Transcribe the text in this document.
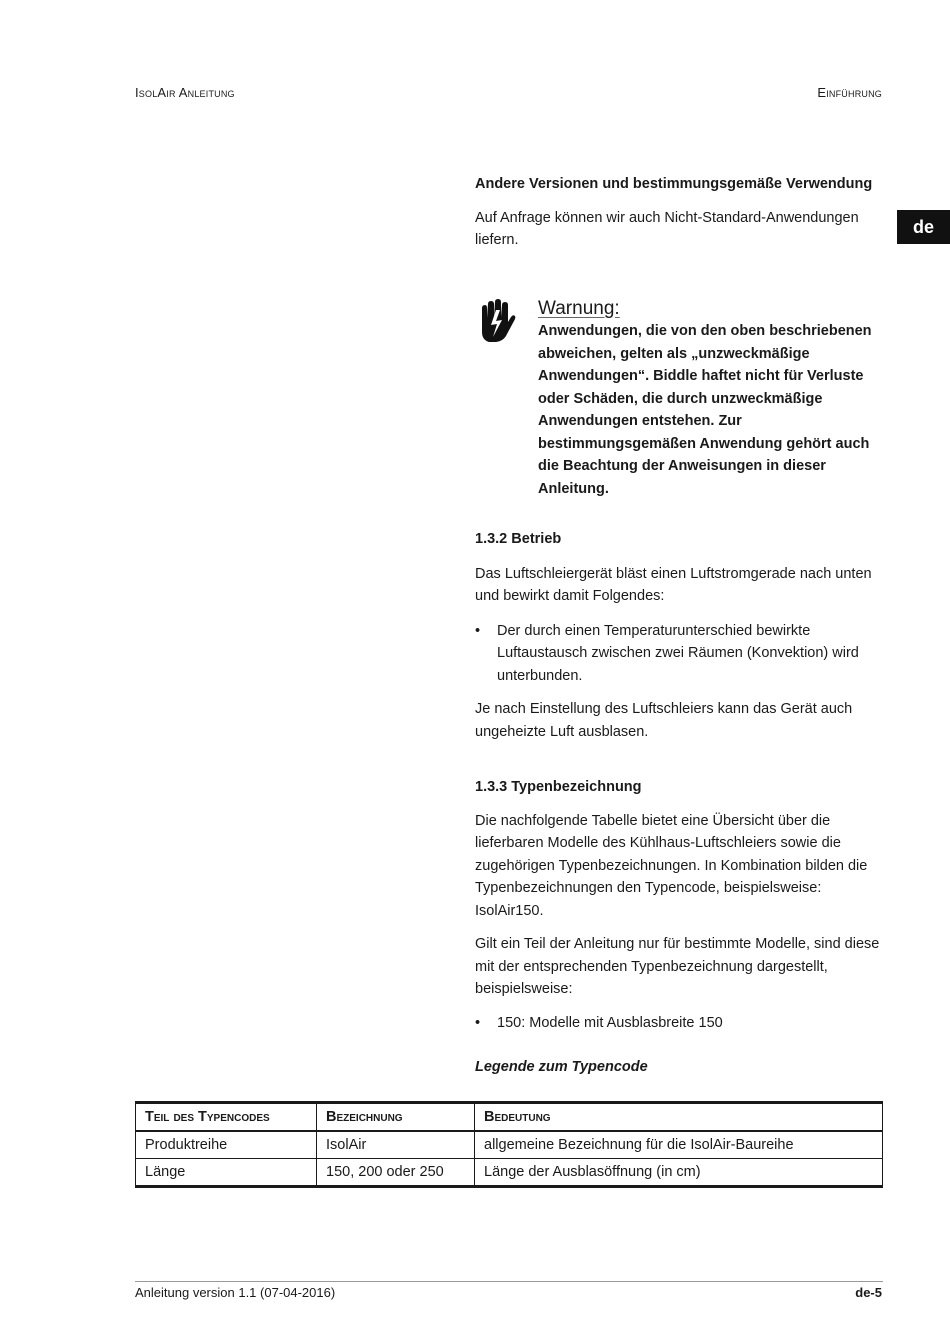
IsolAir Anleitung	Einführung
de

Andere Versionen und bestimmungsgemäße Verwendung

Auf Anfrage können wir auch Nicht-Standard-Anwendungen liefern.

Warnung:
Anwendungen, die von den oben beschriebenen abweichen, gelten als „unzweckmäßige Anwendungen“. Biddle haftet nicht für Verluste oder Schäden, die durch unzweckmäßige Anwendungen entstehen. Zur bestimmungsgemäßen Anwendung gehört auch die Beachtung der Anweisungen in dieser Anleitung.

1.3.2 Betrieb

Das Luftschleiergerät bläst einen Luftstromgerade nach unten und bewirkt damit Folgendes:

• Der durch einen Temperaturunterschied bewirkte Luftaustausch zwischen zwei Räumen (Konvektion) wird unterbunden.

Je nach Einstellung des Luftschleiers kann das Gerät auch ungeheizte Luft ausblasen.

1.3.3 Typenbezeichnung

Die nachfolgende Tabelle bietet eine Übersicht über die lieferbaren Modelle des Kühlhaus-Luftschleiers sowie die zugehörigen Typenbezeichnungen. In Kombination bilden die Typenbezeichnungen den Typencode, beispielsweise: IsolAir150.

Gilt ein Teil der Anleitung nur für bestimmte Modelle, sind diese mit der entsprechenden Typenbezeichnung dargestellt, beispielsweise:

• 150: Modelle mit Ausblasbreite 150

Legende zum Typencode

Teil des Typencodes	Bezeichnung	Bedeutung
Produktreihe	IsolAir	allgemeine Bezeichnung für die IsolAir-Baureihe
Länge	150, 200 oder 250	Länge der Ausblasöffnung (in cm)
Anleitung version 1.1 (07-04-2016)	de-5
